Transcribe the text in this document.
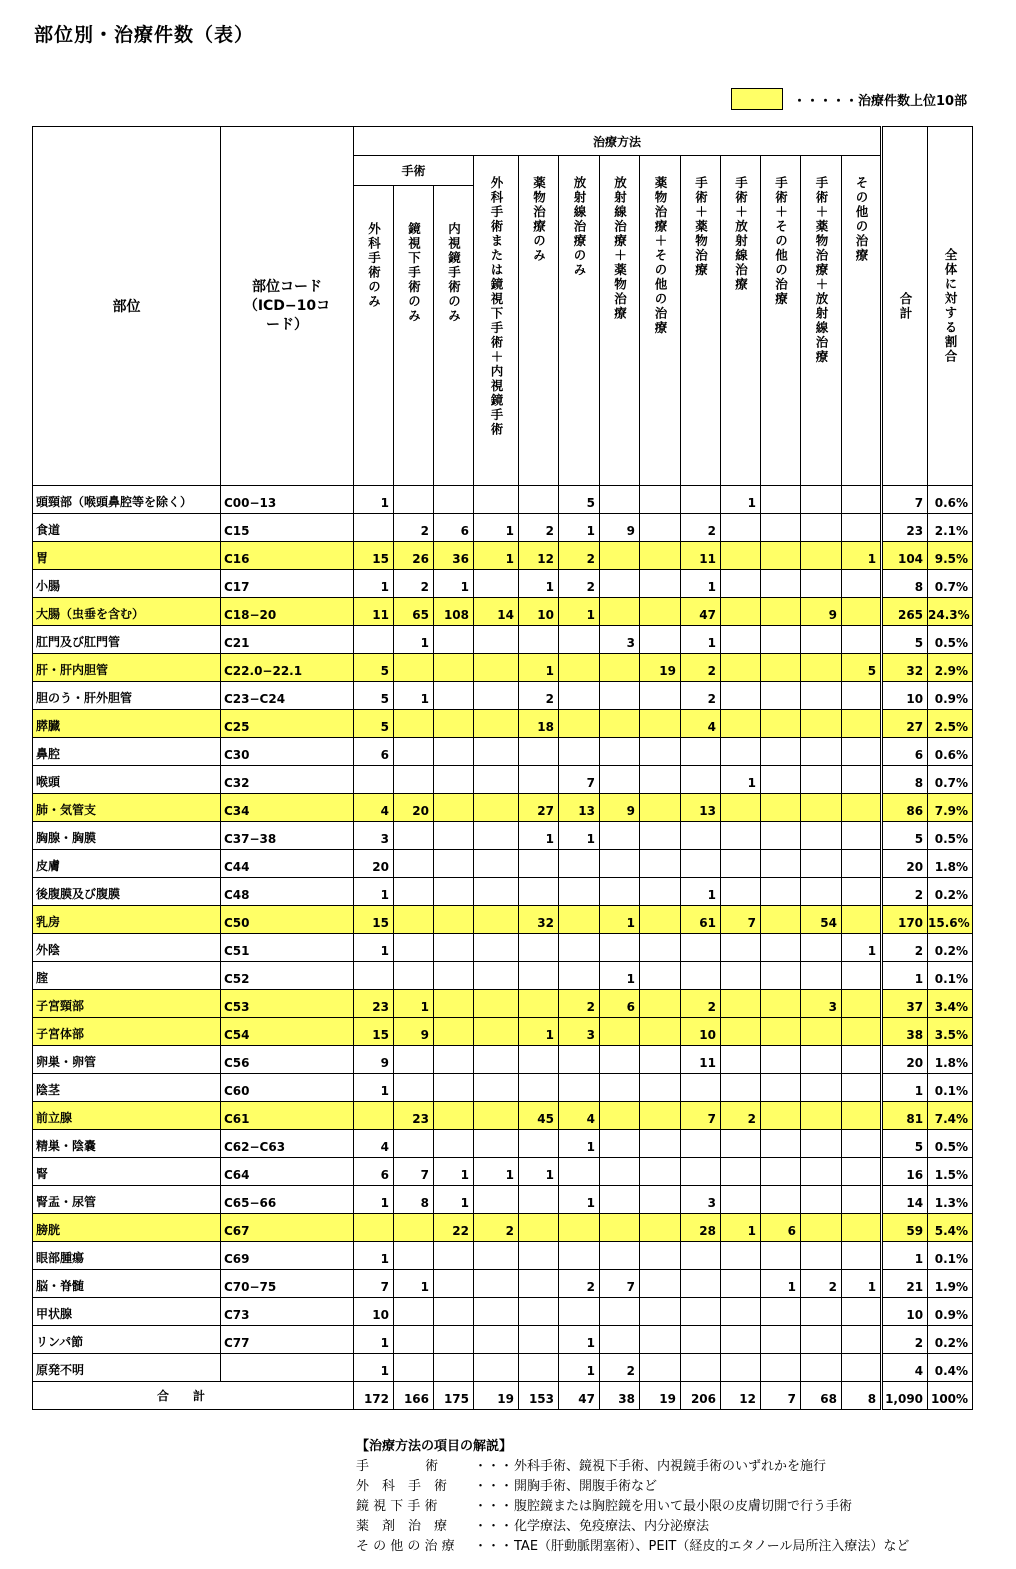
部位別・治療件数（表）
・・・・・治療件数上位10部
部位	部位コード（ICD−10コード）	治療方法													合計	全体に対する割合

		手術			外科手術または鏡視下手術＋内視鏡手術	薬物治療のみ	放射線治療のみ	放射線治療＋薬物治療	薬物治療＋その他の治療	手術＋薬物治療	手術＋放射線治療	手術＋その他の治療	手術＋薬物治療＋放射線治療	その他の治療		

		外科手術のみ	鏡視下手術のみ	内視鏡手術のみ												

頭頸部（喉頭鼻腔等を除く）	C00−13	1					5				1				7	0.6%
食道	C15		2	6	1	2	1	9		2					23	2.1%
胃	C16	15	26	36	1	12	2			11				1	104	9.5%
小腸	C17	1	2	1		1	2			1					8	0.7%
大腸（虫垂を含む）	C18−20	11	65	108	14	10	1			47			9		265	24.3%
肛門及び肛門管	C21		1					3		1					5	0.5%
肝・肝内胆管	C22.0−22.1	5				1			19	2				5	32	2.9%
胆のう・肝外胆管	C23−C24	5	1			2				2					10	0.9%
膵臓	C25	5				18				4					27	2.5%
鼻腔	C30	6													6	0.6%
喉頭	C32						7				1				8	0.7%
肺・気管支	C34	4	20			27	13	9		13					86	7.9%
胸腺・胸膜	C37−38	3				1	1								5	0.5%
皮膚	C44	20													20	1.8%
後腹膜及び腹膜	C48	1								1					2	0.2%
乳房	C50	15				32		1		61	7		54		170	15.6%
外陰	C51	1												1	2	0.2%
腟	C52							1							1	0.1%
子宮頸部	C53	23	1				2	6		2			3		37	3.4%
子宮体部	C54	15	9			1	3			10					38	3.5%
卵巣・卵管	C56	9								11					20	1.8%
陰茎	C60	1													1	0.1%
前立腺	C61		23			45	4			7	2				81	7.4%
精巣・陰嚢	C62−C63	4					1								5	0.5%
腎	C64	6	7	1	1	1									16	1.5%
腎盂・尿管	C65−66	1	8	1			1			3					14	1.3%
膀胱	C67			22	2					28	1	6			59	5.4%
眼部腫瘍	C69	1													1	0.1%
脳・脊髄	C70−75	7	1				2	7				1	2	1	21	1.9%
甲状腺	C73	10													10	0.9%
リンパ節	C77	1					1								2	0.2%
原発不明		1					1	2							4	0.4%
合計		172	166	175	19	153	47	38	19	206	12	7	68	8	1,090	100%
【治療方法の項目の解説】
手　　　　 術	・・・ 外科手術、鏡視下手術、内視鏡手術のいずれかを施行
外　科　手　術	・・・ 開胸手術、開腹手術など
鏡 視 下 手 術	・・・ 腹腔鏡または胸腔鏡を用いて最小限の皮膚切開で行う手術
薬　剤　治　療	・・・ 化学療法、免疫療法、内分泌療法
そ の 他 の 治 療	・・・ TAE（肝動脈閉塞術）、PEIT（経皮的エタノール局所注入療法）など
